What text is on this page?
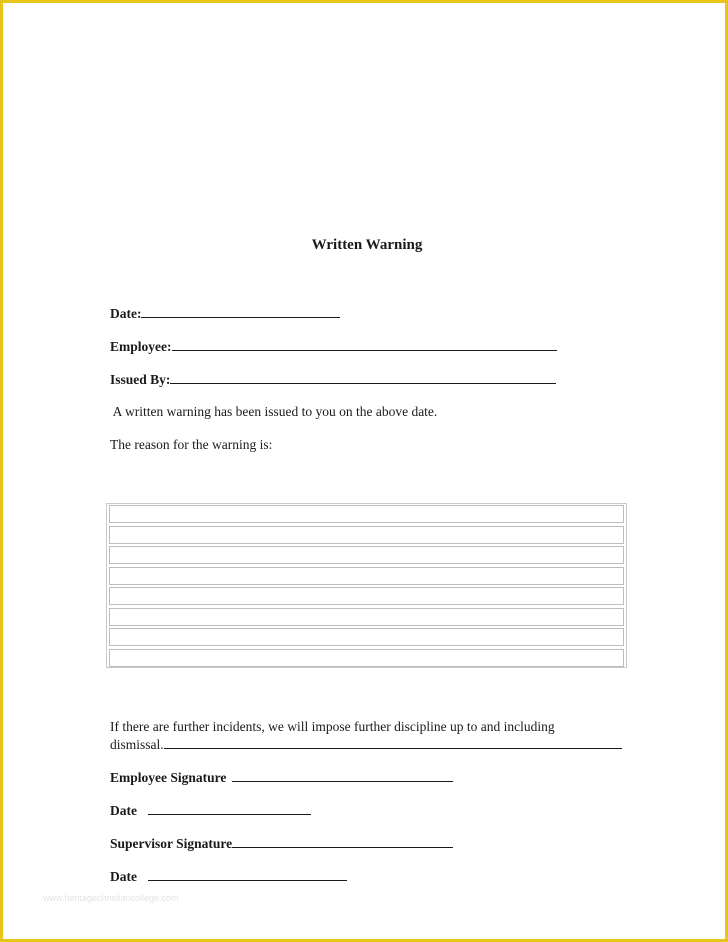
Written Warning
Date:
Employee:
Issued By:
A written warning has been issued to you on the above date.
The reason for the warning is:
If there are further incidents, we will impose further discipline up to and including
dismissal.
Employee Signature
Date
Supervisor Signature
Date
www.heritagechristiancollege.com
